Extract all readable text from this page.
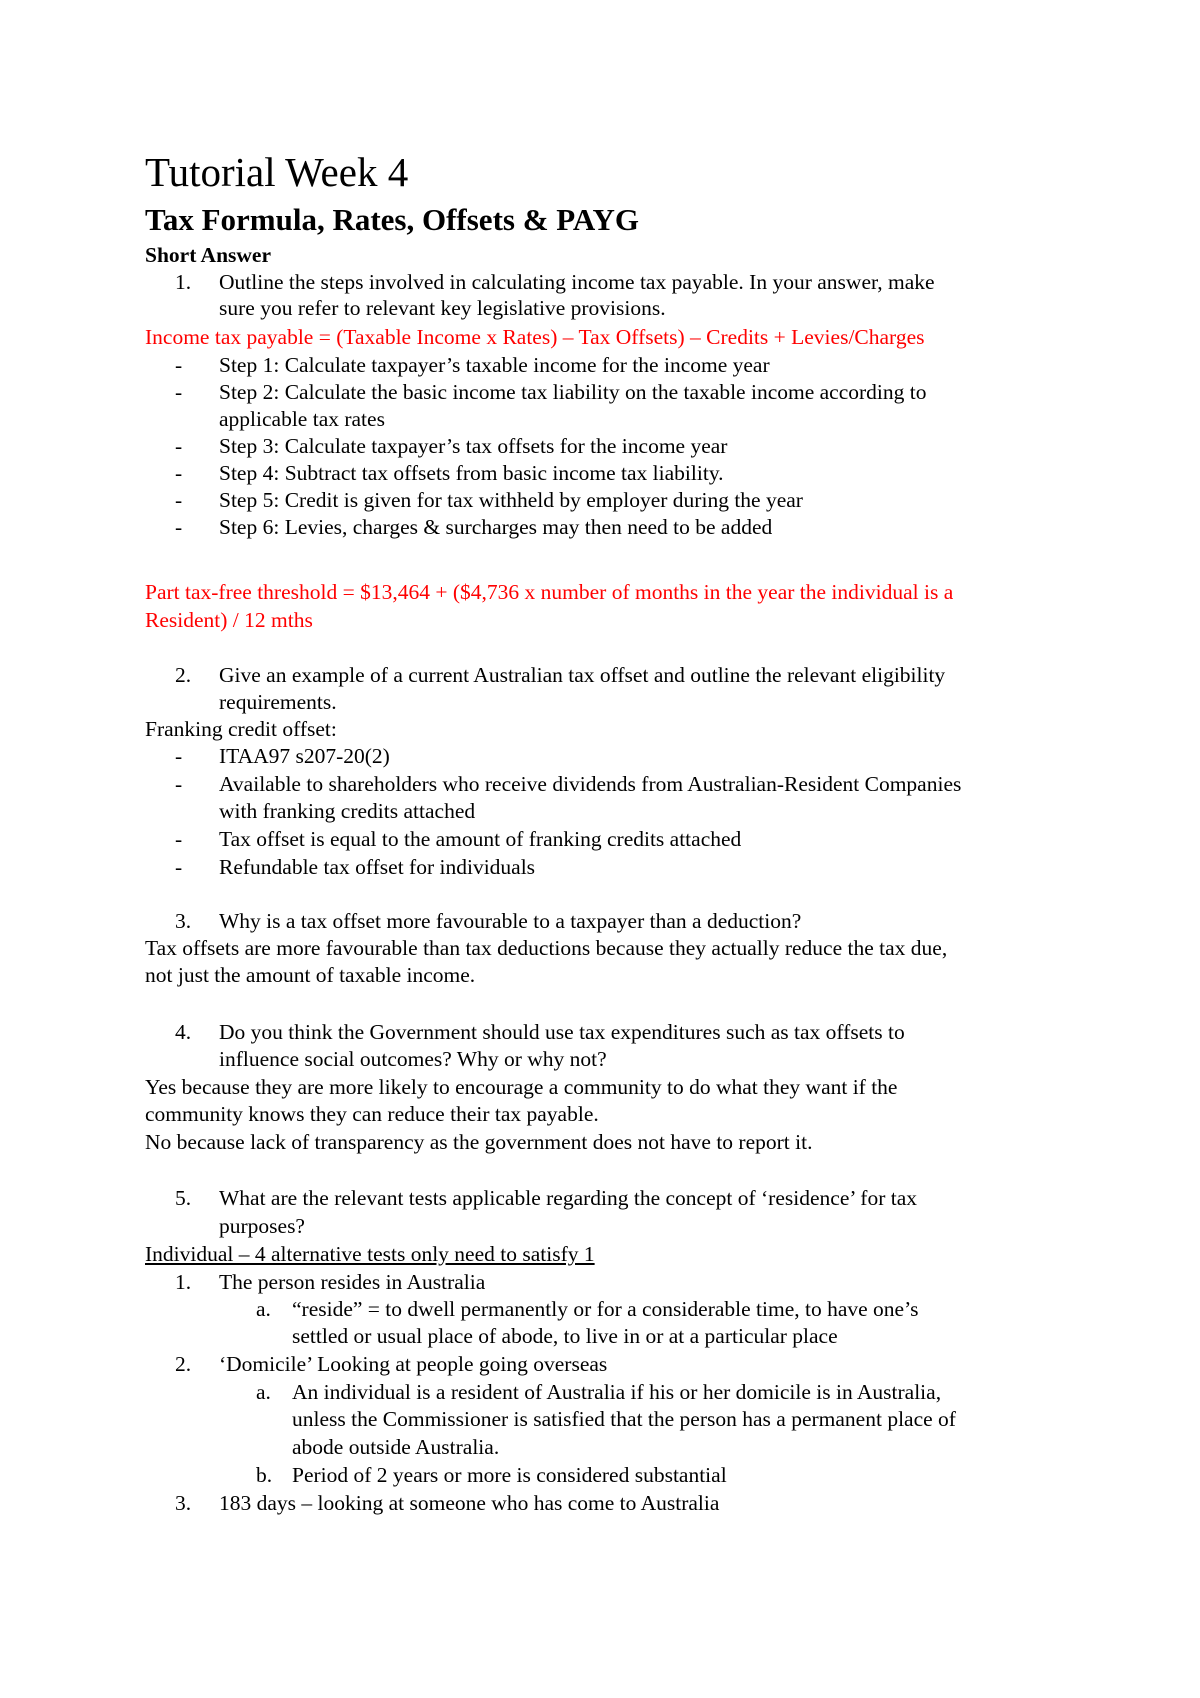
Tutorial Week 4
Tax Formula, Rates, Offsets & PAYG
Short Answer
1.	Outline the steps involved in calculating income tax payable. In your answer, make
sure you refer to relevant key legislative provisions.
Income tax payable = (Taxable Income x Rates) – Tax Offsets) – Credits + Levies/Charges
-	Step 1: Calculate taxpayer’s taxable income for the income year
-	Step 2: Calculate the basic income tax liability on the taxable income according to
applicable tax rates
-	Step 3: Calculate taxpayer’s tax offsets for the income year
-	Step 4: Subtract tax offsets from basic income tax liability.
-	Step 5: Credit is given for tax withheld by employer during the year
-	Step 6: Levies, charges & surcharges may then need to be added
Part tax-free threshold = $13,464 + ($4,736 x number of months in the year the individual is a
Resident) / 12 mths
2.	Give an example of a current Australian tax offset and outline the relevant eligibility
requirements.
Franking credit offset:
-	ITAA97 s207-20(2)
-	Available to shareholders who receive dividends from Australian-Resident Companies
with franking credits attached
-	Tax offset is equal to the amount of franking credits attached
-	Refundable tax offset for individuals
3.	Why is a tax offset more favourable to a taxpayer than a deduction?
Tax offsets are more favourable than tax deductions because they actually reduce the tax due,
not just the amount of taxable income.
4.	Do you think the Government should use tax expenditures such as tax offsets to
influence social outcomes? Why or why not?
Yes because they are more likely to encourage a community to do what they want if the
community knows they can reduce their tax payable.
No because lack of transparency as the government does not have to report it.
5.	What are the relevant tests applicable regarding the concept of ‘residence’ for tax
purposes?
Individual – 4 alternative tests only need to satisfy 1
1.	The person resides in Australia
a. “reside” = to dwell permanently or for a considerable time, to have one’s
settled or usual place of abode, to live in or at a particular place
2.	‘Domicile’ Looking at people going overseas
a. An individual is a resident of Australia if his or her domicile is in Australia,
unless the Commissioner is satisfied that the person has a permanent place of
abode outside Australia.
b. Period of 2 years or more is considered substantial
3.	183 days – looking at someone who has come to Australia
